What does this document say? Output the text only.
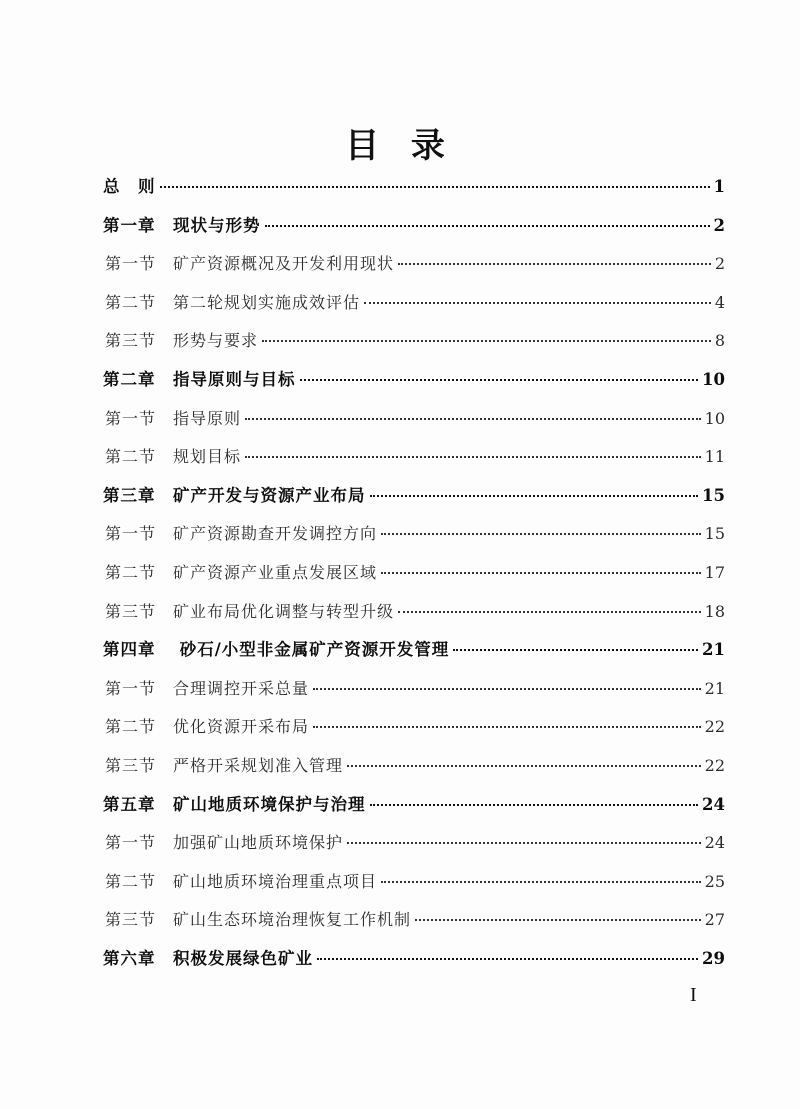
目 录
总　则	1
第一章　现状与形势	2
第一节　矿产资源概况及开发利用现状	2
第二节　第二轮规划实施成效评估	4
第三节　形势与要求	8
第二章　指导原则与目标	10
第一节　指导原则	10
第二节　规划目标	11
第三章　矿产开发与资源产业布局	15
第一节　矿产资源勘查开发调控方向	15
第二节　矿产资源产业重点发展区域	17
第三节　矿业布局优化调整与转型升级	18
第四章　 砂石/小型非金属矿产资源开发管理	21
第一节　合理调控开采总量	21
第二节　优化资源开采布局	22
第三节　严格开采规划准入管理	22
第五章　矿山地质环境保护与治理	24
第一节　加强矿山地质环境保护	24
第二节　矿山地质环境治理重点项目	25
第三节　矿山生态环境治理恢复工作机制	27
第六章　积极发展绿色矿业	29
I
